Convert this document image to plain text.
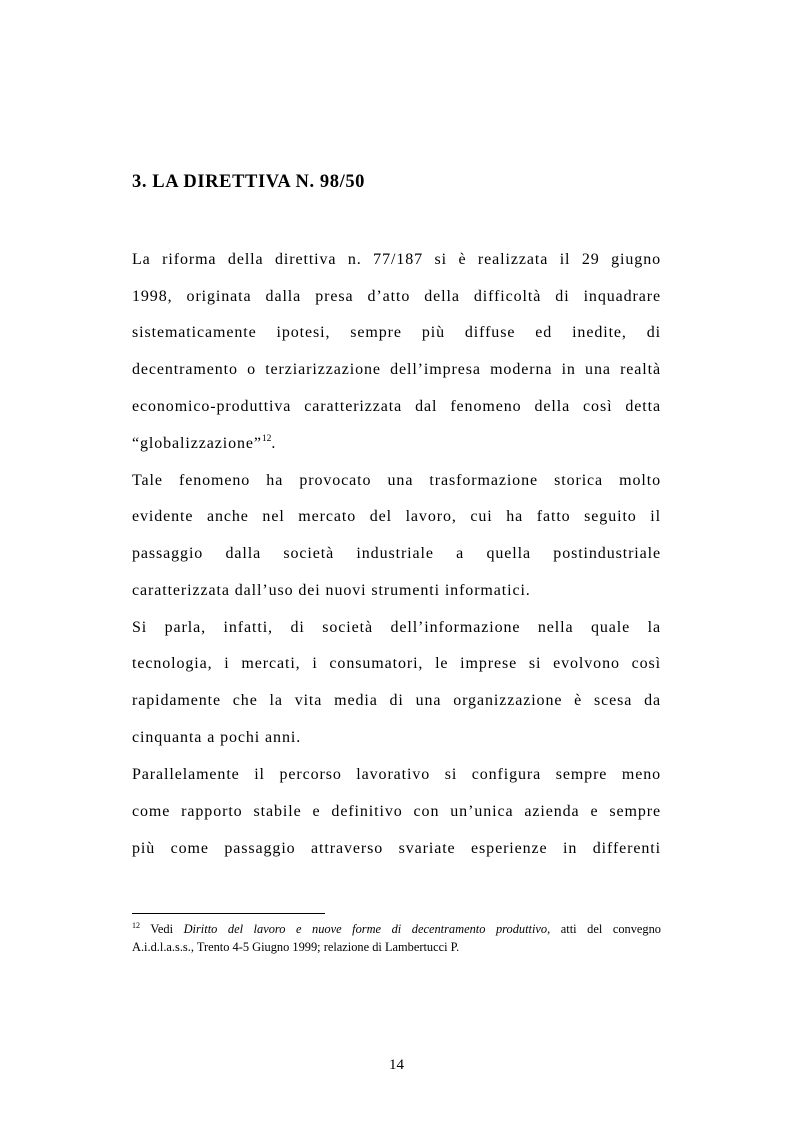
3. LA DIRETTIVA N. 98/50

La riforma della direttiva n. 77/187 si è realizzata il 29 giugno

1998, originata dalla presa d’atto della difficoltà di inquadrare

sistematicamente ipotesi, sempre più diffuse ed inedite, di

decentramento o terziarizzazione dell’impresa moderna in una realtà

economico-produttiva caratterizzata dal fenomeno della così detta

“globalizzazione”$^{12}$.

Tale fenomeno ha provocato una trasformazione storica molto

evidente anche nel mercato del lavoro, cui ha fatto seguito il

passaggio dalla società industriale a quella postindustriale

caratterizzata dall’uso dei nuovi strumenti informatici.

Si parla, infatti, di società dell’informazione nella quale la

tecnologia, i mercati, i consumatori, le imprese si evolvono così

rapidamente che la vita media di una organizzazione è scesa da

cinquanta a pochi anni.

Parallelamente il percorso lavorativo si configura sempre meno

come rapporto stabile e definitivo con un’unica azienda e sempre

più come passaggio attraverso svariate esperienze in differenti

$^{12}$ Vedi Diritto del lavoro e nuove forme di decentramento produttivo, atti del convegno

A.i.d.l.a.s.s., Trento 4-5 Giugno 1999; relazione di Lambertucci P.

14
